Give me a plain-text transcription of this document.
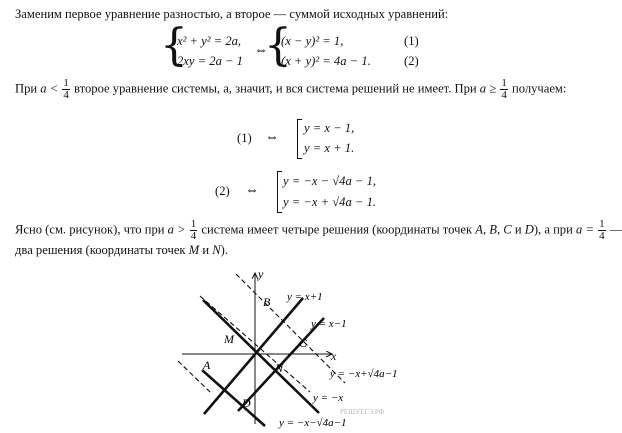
Заменим первое уравнение разностью, а второе — суммой исходных уравнений:
{
x² + y² = 2a,
2xy = 2a − 1
⇔
{
(x − y)² = 1,
(x + y)² = 4a − 1.
(1)
(2)
При $a < \frac{1}{4}$ второе уравнение системы, а, значит, и вся система решений не имеет. При $a \ge \frac{1}{4}$ получаем:
(1) ⇔
y = x − 1,
y = x + 1.
(2) ⇔
y = −x − √4a − 1,
y = −x + √4a − 1.
Ясно (см. рисунок), что при $a > \frac{1}{4}$ система имеет четыре решения (координаты точек A, B, C и D), а при $a = \frac{1}{4}$ —
два решения (координаты точек M и N).
x
y
y = x+1
y = x−1
y = −x+√4a−1
y = −x
y = −x−√4a−1
A
B
C
D
M
N
РЕШУЕГЭ.РФ
